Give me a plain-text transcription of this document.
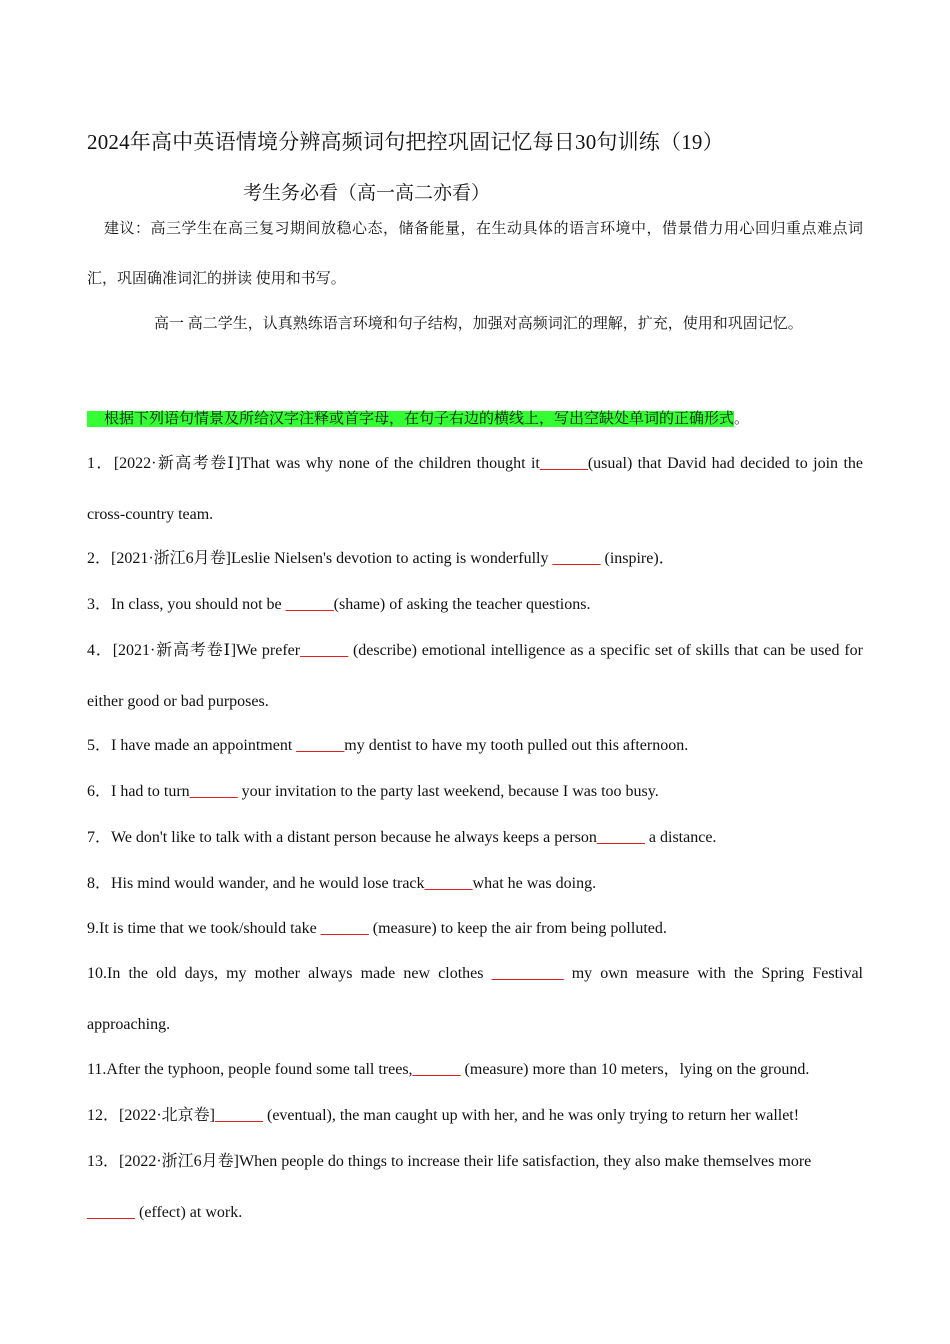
2024年高中英语情境分辨高频词句把控巩固记忆每日30句训练（19）
考生务必看（高一高二亦看）
建议：高三学生在高三复习期间放稳心态，储备能量，在生动具体的语言环境中，借景借力用心回归重点难点词汇，巩固确准词汇的拼读 使用和书写。
高一 高二学生，认真熟练语言环境和句子结构，加强对高频词汇的理解，扩充，使用和巩固记忆。
根据下列语句情景及所给汉字注释或首字母，在句子右边的横线上，写出空缺处单词的正确形式。
1．[2022·新高考卷Ⅰ]That was why none of the children thought it______(usual) that David had decided to join the cross-country team.
2．[2021·浙江6月卷]Leslie Nielsen's devotion to acting is wonderfully ______ (inspire)．
3．In class, you should not be ______(shame) of asking the teacher questions.
4．[2021·新高考卷Ⅰ]We prefer______ (describe) emotional intelligence as a specific set of skills that can be used for either good or bad purposes.
5．I have made an appointment ______my dentist to have my tooth pulled out this afternoon.
6．I had to turn______ your invitation to the party last weekend, because I was too busy.
7．We don't like to talk with a distant person because he always keeps a person______ a distance.
8．His mind would wander, and he would lose track______what he was doing.
9.It is time that we took/should take ______ (measure) to keep the air from being polluted.
10.In the old days, my mother always made new clothes _________ my own measure with the Spring Festival approaching.
11.After the typhoon, people found some tall trees,______ (measure) more than 10 meters，lying on the ground.
12．[2022·北京卷]______ (eventual), the man caught up with her, and he was only trying to return her wallet!
13．[2022·浙江6月卷]When people do things to increase their life satisfaction, they also make themselves more ______ (effect) at work.
